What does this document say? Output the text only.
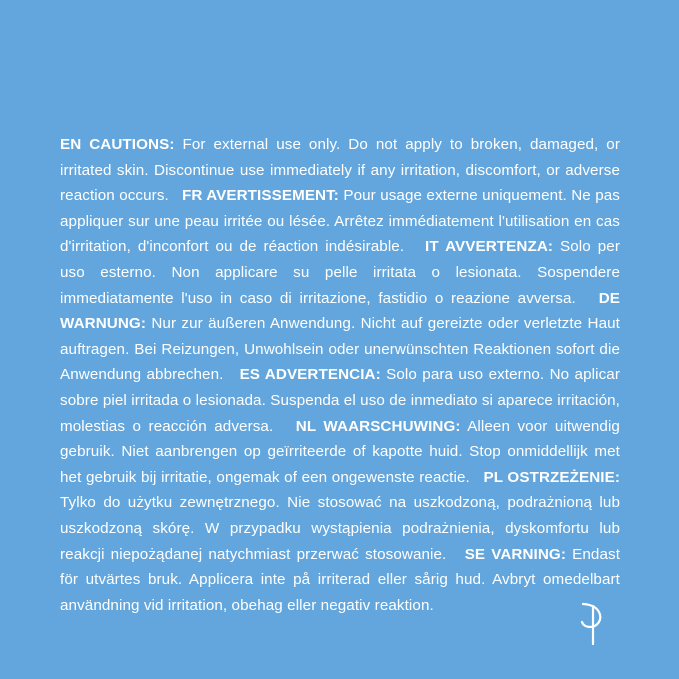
EN CAUTIONS: For external use only. Do not apply to broken, damaged, or irritated skin. Discontinue use immediately if any irritation, discomfort, or adverse reaction occurs. FR AVERTISSEMENT: Pour usage externe uniquement. Ne pas appliquer sur une peau irritée ou lésée. Arrêtez immédiatement l'utilisation en cas d'irritation, d'inconfort ou de réaction indésirable. IT AVVERTENZA: Solo per uso esterno. Non applicare su pelle irritata o lesionata. Sospendere immediatamente l'uso in caso di irritazione, fastidio o reazione avversa. DE WARNUNG: Nur zur äußeren Anwendung. Nicht auf gereizte oder verletzte Haut auftragen. Bei Reizungen, Unwohlsein oder unerwünschten Reaktionen sofort die Anwendung abbrechen. ES ADVERTENCIA: Solo para uso externo. No aplicar sobre piel irritada o lesionada. Suspenda el uso de inmediato si aparece irritación, molestias o reacción adversa. NL WAARSCHUWING: Alleen voor uitwendig gebruik. Niet aanbrengen op geïrriteerde of kapotte huid. Stop onmiddellijk met het gebruik bij irritatie, ongemak of een ongewenste reactie. PL OSTRZEŻENIE: Tylko do użytku zewnętrznego. Nie stosować na uszkodzoną, podrażnioną lub uszkodzoną skórę. W przypadku wystąpienia podrażnienia, dyskomfortu lub reakcji niepożądanej natychmiast przerwać stosowanie. SE VARNING: Endast för utvärtes bruk. Applicera inte på irriterad eller sårig hud. Avbryt omedelbart användning vid irritation, obehag eller negativ reaktion.
